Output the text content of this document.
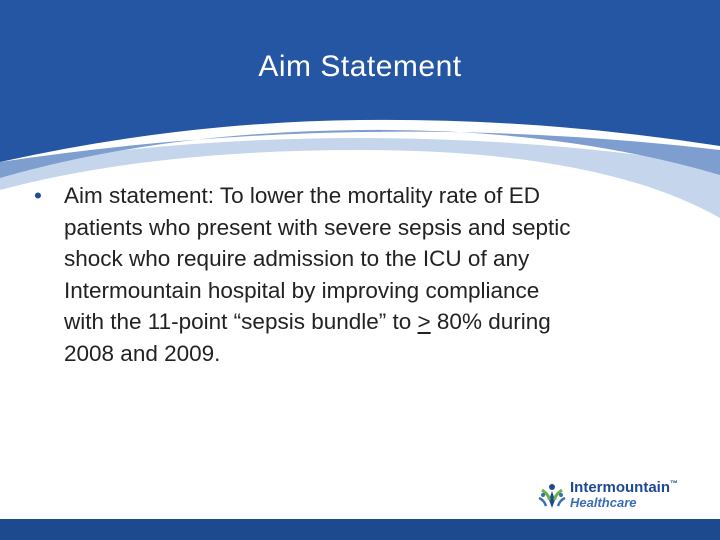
Aim Statement
• Aim statement: To lower the mortality rate of ED
patients who present with severe sepsis and septic
shock who require admission to the ICU of any
Intermountain hospital by improving compliance
with the 11-point “sepsis bundle” to ≥ 80% during
2008 and 2009.
Intermountain™
Healthcare
